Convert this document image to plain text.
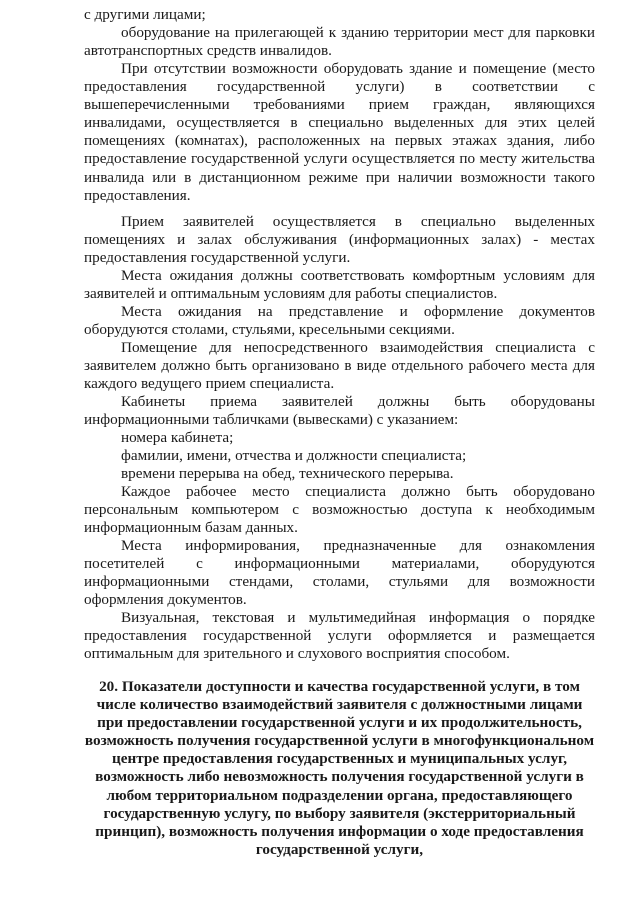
с другими лицами;

оборудование на прилегающей к зданию территории мест для парковки автотранспортных средств инвалидов.

При отсутствии возможности оборудовать здание и помещение (место предоставления государственной услуги) в соответствии с вышеперечисленными требованиями прием граждан, являющихся инвалидами, осуществляется в специально выделенных для этих целей помещениях (комнатах), расположенных на первых этажах здания, либо предоставление государственной услуги осуществляется по месту жительства инвалида или в дистанционном режиме при наличии возможности такого предоставления.

Прием заявителей осуществляется в специально выделенных помещениях и залах обслуживания (информационных залах) - местах предоставления государственной услуги.

Места ожидания должны соответствовать комфортным условиям для заявителей и оптимальным условиям для работы специалистов.

Места ожидания на представление и оформление документов оборудуются столами, стульями, кресельными секциями.

Помещение для непосредственного взаимодействия специалиста с заявителем должно быть организовано в виде отдельного рабочего места для каждого ведущего прием специалиста.

Кабинеты приема заявителей должны быть оборудованы информационными табличками (вывесками) с указанием:

номера кабинета;

фамилии, имени, отчества и должности специалиста;

времени перерыва на обед, технического перерыва.

Каждое рабочее место специалиста должно быть оборудовано персональным компьютером с возможностью доступа к необходимым информационным базам данных.

Места информирования, предназначенные для ознакомления посетителей с информационными материалами, оборудуются информационными стендами, столами, стульями для возможности оформления документов.

Визуальная, текстовая и мультимедийная информация о порядке предоставления государственной услуги оформляется и размещается оптимальным для зрительного и слухового восприятия способом.

20. Показатели доступности и качества государственной услуги, в том числе количество взаимодействий заявителя с должностными лицами при предоставлении государственной услуги и их продолжительность, возможность получения государственной услуги в многофункциональном центре предоставления государственных и муниципальных услуг, возможность либо невозможность получения государственной услуги в любом территориальном подразделении органа, предоставляющего государственную услугу, по выбору заявителя (экстерриториальный принцип), возможность получения информации о ходе предоставления государственной услуги,
